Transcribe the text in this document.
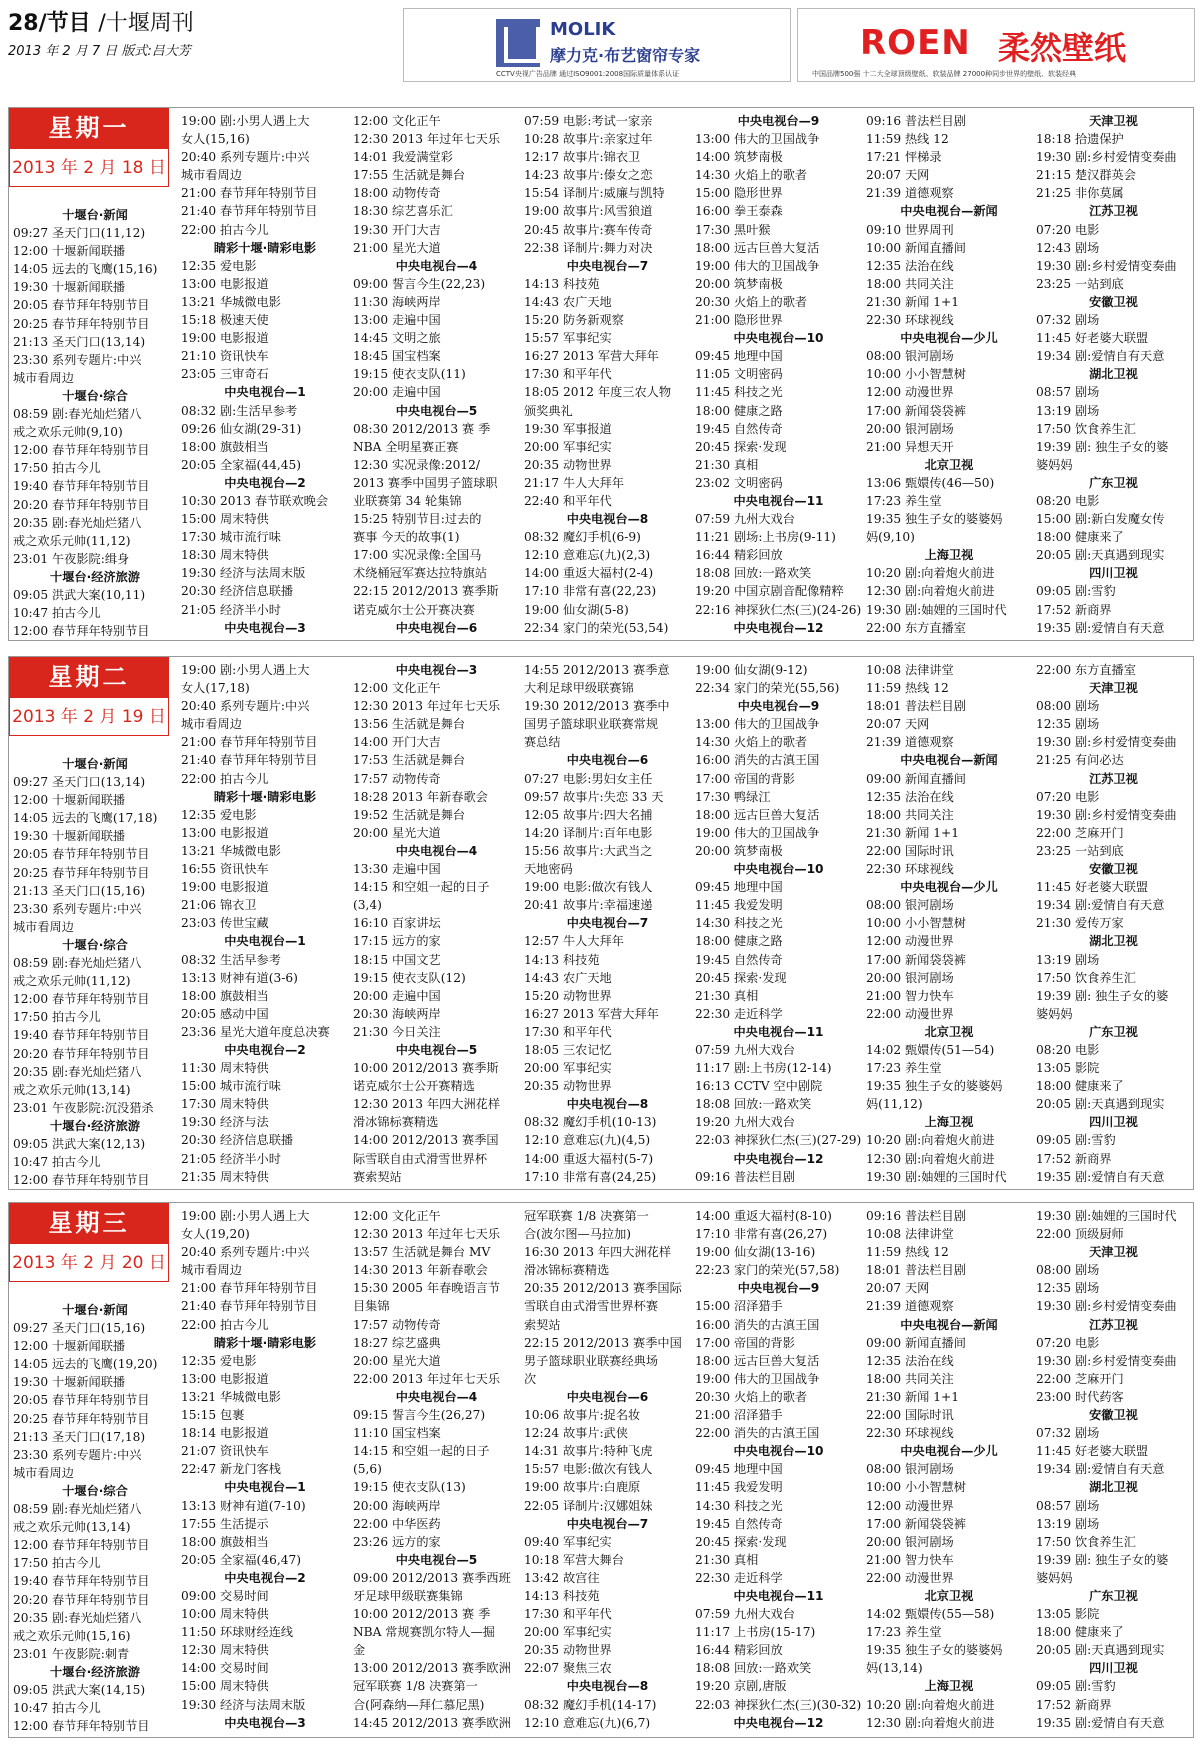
28/节目 /十堰周刊
2013 年 2 月 7 日 版式:吕大芳
MOLIK
摩力克·布艺窗帘专家
CCTV央视广告品牌 通过ISO9001:2008国际质量体系认证
ROEN 柔然壁纸
中国品牌500强 十二大全球顶级壁纸、软装品牌 27000种同步世界的壁纸、软装经典
星期一
2013 年 2 月 18 日
十堰台·新闻
09:27 圣天门口(11,12)
12:00 十堰新闻联播
14:05 远去的飞鹰(15,16)
19:30 十堰新闻联播
20:05 春节拜年特别节目
20:25 春节拜年特别节目
21:13 圣天门口(13,14)
23:30 系列专题片:中兴
城市看周边
十堰台·综合
08:59 剧:春光灿烂猪八
戒之欢乐元帅(9,10)
12:00 春节拜年特别节目
17:50 拍古今儿
19:40 春节拜年特别节目
20:20 春节拜年特别节目
20:35 剧:春光灿烂猪八
戒之欢乐元帅(11,12)
23:01 午夜影院:缉身
十堰台·经济旅游
09:05 洪武大案(10,11)
10:47 拍古今儿
12:00 春节拜年特别节目
19:00 剧:小男人遇上大
女人(15,16)
20:40 系列专题片:中兴
城市看周边
21:00 春节拜年特别节目
21:40 春节拜年特别节目
22:00 拍古今儿
睛彩十堰·睛彩电影
12:35 爱电影
13:00 电影报道
13:21 华城微电影
15:18 极速天使
19:00 电影报道
21:10 资讯快车
23:05 三审奇石
中央电视台—1
08:32 剧:生活早参考
09:26 仙女湖(29-31)
18:00 旗鼓相当
20:05 全家福(44,45)
中央电视台—2
10:30 2013 春节联欢晚会
15:00 周末特供
17:30 城市流行味
18:30 周末特供
19:30 经济与法周末版
20:30 经济信息联播
21:05 经济半小时
中央电视台—3
12:00 文化正午
12:30 2013 年过年七天乐
14:01 我爱满堂彩
17:55 生活就是舞台
18:00 动物传奇
18:30 综艺喜乐汇
19:30 开门大吉
21:00 星光大道
中央电视台—4
09:00 誓言今生(22,23)
11:30 海峡两岸
13:00 走遍中国
14:45 文明之旅
18:45 国宝档案
19:15 使衣支队(11)
20:00 走遍中国
中央电视台—5
08:30 2012/2013 赛 季
NBA 全明星赛正赛
12:30 实况录像:2012/
2013 赛季中国男子篮球职
业联赛第 34 轮集锦
15:25 特别节目:过去的
赛事 今天的故事(1)
17:00 实况录像:全国马
术绕桶冠军赛达拉特旗站
22:15 2012/2013 赛季斯
诺克威尔士公开赛决赛
中央电视台—6
07:59 电影:考试一家亲
10:28 故事片:亲家过年
12:17 故事片:锦衣卫
14:23 故事片:傣女之恋
15:54 译制片:威廉与凯特
19:00 故事片:风雪狼道
20:45 故事片:赛车传奇
22:38 译制片:舞力对决
中央电视台—7
14:13 科技苑
14:43 农广天地
15:20 防务新观察
15:57 军事纪实
16:27 2013 军营大拜年
17:30 和平年代
18:05 2012 年度三农人物
颁奖典礼
19:30 军事报道
20:00 军事纪实
20:35 动物世界
21:17 牛人大拜年
22:40 和平年代
中央电视台—8
08:32 魔幻手机(6-9)
12:10 意难忘(九)(2,3)
14:00 重返大福村(2-4)
17:10 非常有喜(22,23)
19:00 仙女湖(5-8)
22:34 家门的荣光(53,54)
中央电视台—9
13:00 伟大的卫国战争
14:00 筑梦南极
14:30 火焰上的歌者
15:00 隐形世界
16:00 拳王泰森
17:30 黑叶猴
18:00 远古巨兽大复活
19:00 伟大的卫国战争
20:00 筑梦南极
20:30 火焰上的歌者
21:00 隐形世界
中央电视台—10
09:45 地理中国
11:05 文明密码
11:45 科技之光
18:00 健康之路
19:45 自然传奇
20:45 探索·发现
21:30 真相
23:02 文明密码
中央电视台—11
07:59 九州大戏台
11:21 剧场:上书房(9-11)
16:44 精彩回放
18:08 回放:一路欢笑
19:20 中国京剧音配像精粹
22:16 神探狄仁杰(三)(24-26)
中央电视台—12
09:16 普法栏目剧
11:59 热线 12
17:21 怦梯录
20:07 天网
21:39 道德观察
中央电视台—新闻
09:10 世界周刊
10:00 新闻直播间
12:35 法治在线
18:00 共同关注
21:30 新闻 1+1
22:30 环球视线
中央电视台—少儿
08:00 银河剧场
10:00 小小智慧树
12:00 动漫世界
17:00 新闻袋袋裤
20:00 银河剧场
21:00 异想天开
北京卫视
13:06 甄嬛传(46—50)
17:23 养生堂
19:35 独生子女的婆婆妈
妈(9,10)
上海卫视
10:20 剧:向着炮火前进
12:30 剧:向着炮火前进
19:30 剧:妯娌的三国时代
22:00 东方直播室
天津卫视
18:18 拾遗保护
19:30 剧:乡村爱情变奏曲
21:15 楚汉群英会
21:25 非你莫属
江苏卫视
07:20 电影
12:43 剧场
19:30 剧:乡村爱情变奏曲
23:25 一站到底
安徽卫视
07:32 剧场
11:45 好老婆大联盟
19:34 剧:爱情自有天意
湖北卫视
08:57 剧场
13:19 剧场
17:50 饮食养生汇
19:39 剧: 独生子女的婆
婆妈妈
广东卫视
08:20 电影
15:00 剧:新白发魔女传
18:00 健康来了
20:05 剧:天真遇到现实
四川卫视
09:05 剧:雪豹
17:52 新商界
19:35 剧:爱情自有天意
星期二
2013 年 2 月 19 日
十堰台·新闻
09:27 圣天门口(13,14)
12:00 十堰新闻联播
14:05 远去的飞鹰(17,18)
19:30 十堰新闻联播
20:05 春节拜年特别节目
20:25 春节拜年特别节目
21:13 圣天门口(15,16)
23:30 系列专题片:中兴
城市看周边
十堰台·综合
08:59 剧:春光灿烂猪八
戒之欢乐元帅(11,12)
12:00 春节拜年特别节目
17:50 拍古今儿
19:40 春节拜年特别节目
20:20 春节拜年特别节目
20:35 剧:春光灿烂猪八
戒之欢乐元帅(13,14)
23:01 午夜影院:沉没猎杀
十堰台·经济旅游
09:05 洪武大案(12,13)
10:47 拍古今儿
12:00 春节拜年特别节目
19:00 剧:小男人遇上大
女人(17,18)
20:40 系列专题片:中兴
城市看周边
21:00 春节拜年特别节目
21:40 春节拜年特别节目
22:00 拍古今儿
睛彩十堰·睛彩电影
12:35 爱电影
13:00 电影报道
13:21 华城微电影
16:55 资讯快车
19:00 电影报道
21:06 锦衣卫
23:03 传世宝藏
中央电视台—1
08:32 生活早参考
13:13 财神有道(3-6)
18:00 旗鼓相当
20:05 感动中国
23:36 星光大道年度总决赛
中央电视台—2
11:30 周末特供
15:00 城市流行味
17:30 周末特供
19:30 经济与法
20:30 经济信息联播
21:05 经济半小时
21:35 周末特供
中央电视台—3
12:00 文化正午
12:30 2013 年过年七天乐
13:56 生活就是舞台
14:00 开门大吉
17:53 生活就是舞台
17:57 动物传奇
18:28 2013 年新春歌会
19:52 生活就是舞台
20:00 星光大道
中央电视台—4
13:30 走遍中国
14:15 和空姐一起的日子
(3,4)
16:10 百家讲坛
17:15 远方的家
18:15 中国文艺
19:15 使衣支队(12)
20:00 走遍中国
20:30 海峡两岸
21:30 今日关注
中央电视台—5
10:00 2012/2013 赛季斯
诺克威尔士公开赛精选
12:30 2013 年四大洲花样
滑冰锦标赛精选
14:00 2012/2013 赛季国
际雪联自由式滑雪世界杯
赛索契站
14:55 2012/2013 赛季意
大利足球甲级联赛锦
19:30 2012/2013 赛季中
国男子篮球职业联赛常规
赛总结
中央电视台—6
07:27 电影:男妇女主任
09:57 故事片:失恋 33 天
12:05 故事片:四大名捕
14:20 译制片:百年电影
15:56 故事片:大武当之
天地密码
19:00 电影:做次有钱人
20:41 故事片:幸福速递
中央电视台—7
12:57 牛人大拜年
14:13 科技苑
14:43 农广天地
15:20 动物世界
16:27 2013 军营大拜年
17:30 和平年代
18:05 三农记忆
20:00 军事纪实
20:35 动物世界
中央电视台—8
08:32 魔幻手机(10-13)
12:10 意难忘(九)(4,5)
14:00 重返大福村(5-7)
17:10 非常有喜(24,25)
19:00 仙女湖(9-12)
22:34 家门的荣光(55,56)
中央电视台—9
13:00 伟大的卫国战争
14:30 火焰上的歌者
16:00 消失的古滇王国
17:00 帝国的背影
17:30 鸭绿江
18:00 远古巨兽大复活
19:00 伟大的卫国战争
20:00 筑梦南极
中央电视台—10
09:45 地理中国
11:45 我爱发明
14:30 科技之光
18:00 健康之路
19:45 自然传奇
20:45 探索·发现
21:30 真相
22:30 走近科学
中央电视台—11
07:59 九州大戏台
11:17 剧:上书房(12-14)
16:13 CCTV 空中剧院
18:08 回放:一路欢笑
19:20 九州大戏台
22:03 神探狄仁杰(三)(27-29)
中央电视台—12
09:16 普法栏目剧
10:08 法律讲堂
11:59 热线 12
18:01 普法栏目剧
20:07 天网
21:39 道德观察
中央电视台—新闻
09:00 新闻直播间
12:35 法治在线
18:00 共同关注
21:30 新闻 1+1
22:00 国际时讯
22:30 环球视线
中央电视台—少儿
08:00 银河剧场
10:00 小小智慧树
12:00 动漫世界
17:00 新闻袋袋裤
20:00 银河剧场
21:00 智力快车
22:00 动漫世界
北京卫视
14:02 甄嬛传(51—54)
17:23 养生堂
19:35 独生子女的婆婆妈
妈(11,12)
上海卫视
10:20 剧:向着炮火前进
12:30 剧:向着炮火前进
19:30 剧:妯娌的三国时代
22:00 东方直播室
天津卫视
08:00 剧场
12:35 剧场
19:30 剧:乡村爱情变奏曲
21:25 有问必达
江苏卫视
07:20 电影
19:30 剧:乡村爱情变奏曲
22:00 芝麻开门
23:25 一站到底
安徽卫视
11:45 好老婆大联盟
19:34 剧:爱情自有天意
21:30 爱传万家
湖北卫视
13:19 剧场
17:50 饮食养生汇
19:39 剧: 独生子女的婆
婆妈妈
广东卫视
08:20 电影
13:05 影院
18:00 健康来了
20:05 剧:天真遇到现实
四川卫视
09:05 剧:雪豹
17:52 新商界
19:35 剧:爱情自有天意
星期三
2013 年 2 月 20 日
十堰台·新闻
09:27 圣天门口(15,16)
12:00 十堰新闻联播
14:05 远去的飞鹰(19,20)
19:30 十堰新闻联播
20:05 春节拜年特别节目
20:25 春节拜年特别节目
21:13 圣天门口(17,18)
23:30 系列专题片:中兴
城市看周边
十堰台·综合
08:59 剧:春光灿烂猪八
戒之欢乐元帅(13,14)
12:00 春节拜年特别节目
17:50 拍古今儿
19:40 春节拜年特别节目
20:20 春节拜年特别节目
20:35 剧:春光灿烂猪八
戒之欢乐元帅(15,16)
23:01 午夜影院:刺青
十堰台·经济旅游
09:05 洪武大案(14,15)
10:47 拍古今儿
12:00 春节拜年特别节目
19:00 剧:小男人遇上大
女人(19,20)
20:40 系列专题片:中兴
城市看周边
21:00 春节拜年特别节目
21:40 春节拜年特别节目
22:00 拍古今儿
睛彩十堰·睛彩电影
12:35 爱电影
13:00 电影报道
13:21 华城微电影
15:15 包裹
18:14 电影报道
21:07 资讯快车
22:47 新龙门客栈
中央电视台—1
13:13 财神有道(7-10)
17:55 生活提示
18:00 旗鼓相当
20:05 全家福(46,47)
中央电视台—2
09:00 交易时间
10:00 周末特供
11:50 环球财经连线
12:30 周末特供
14:00 交易时间
15:00 周末特供
19:30 经济与法周末版
中央电视台—3
12:00 文化正午
12:30 2013 年过年七天乐
13:57 生活就是舞台 MV
14:30 2013 年新春歌会
15:30 2005 年春晚语言节
目集锦
17:57 动物传奇
18:27 综艺盛典
20:00 星光大道
22:00 2013 年过年七天乐
中央电视台—4
09:15 誓言今生(26,27)
11:10 国宝档案
14:15 和空姐一起的日子
(5,6)
19:15 使衣支队(13)
20:00 海峡两岸
22:00 中华医药
23:26 远方的家
中央电视台—5
09:00 2012/2013 赛季西班
牙足球甲级联赛集锦
10:00 2012/2013 赛 季
NBA 常规赛凯尔特人—掘
金
13:00 2012/2013 赛季欧洲
冠军联赛 1/8 决赛第一
合(阿森纳—拜仁慕尼黑)
14:45 2012/2013 赛季欧洲
冠军联赛 1/8 决赛第一
合(波尔图—马拉加)
16:30 2013 年四大洲花样
滑冰锦标赛精选
20:35 2012/2013 赛季国际
雪联自由式滑雪世界杯赛
索契站
22:15 2012/2013 赛季中国
男子篮球职业联赛经典场
次
中央电视台—6
10:06 故事片:捉名妆
12:24 故事片:武侠
14:31 故事片:特种飞虎
15:57 电影:做次有钱人
19:00 故事片:白鹿原
22:05 译制片:汉娜姐妹
中央电视台—7
09:40 军事纪实
10:18 军营大舞台
13:42 故宫往
14:13 科技苑
17:30 和平年代
20:00 军事纪实
20:35 动物世界
22:07 聚焦三农
中央电视台—8
08:32 魔幻手机(14-17)
12:10 意难忘(九)(6,7)
14:00 重返大福村(8-10)
17:10 非常有喜(26,27)
19:00 仙女湖(13-16)
22:23 家门的荣光(57,58)
中央电视台—9
15:00 沼泽猎手
16:00 消失的古滇王国
17:00 帝国的背影
18:00 远古巨兽大复活
19:00 伟大的卫国战争
20:30 火焰上的歌者
21:00 沼泽猎手
22:00 消失的古滇王国
中央电视台—10
09:45 地理中国
11:45 我爱发明
14:30 科技之光
19:45 自然传奇
20:45 探索·发现
21:30 真相
22:30 走近科学
中央电视台—11
07:59 九州大戏台
11:17 上书房(15-17)
16:44 精彩回放
18:08 回放:一路欢笑
19:20 京剧,唐版
22:03 神探狄仁杰(三)(30-32)
中央电视台—12
09:16 普法栏目剧
10:08 法律讲堂
11:59 热线 12
18:01 普法栏目剧
20:07 天网
21:39 道德观察
中央电视台—新闻
09:00 新闻直播间
12:35 法治在线
18:00 共同关注
21:30 新闻 1+1
22:00 国际时讯
22:30 环球视线
中央电视台—少儿
08:00 银河剧场
10:00 小小智慧树
12:00 动漫世界
17:00 新闻袋袋裤
20:00 银河剧场
21:00 智力快车
22:00 动漫世界
北京卫视
14:02 甄嬛传(55—58)
17:23 养生堂
19:35 独生子女的婆婆妈
妈(13,14)
上海卫视
10:20 剧:向着炮火前进
12:30 剧:向着炮火前进
19:30 剧:妯娌的三国时代
22:00 顶级厨师
天津卫视
08:00 剧场
12:35 剧场
19:30 剧:乡村爱情变奏曲
江苏卫视
07:20 电影
19:30 剧:乡村爱情变奏曲
22:00 芝麻开门
23:00 时代药客
安徽卫视
07:32 剧场
11:45 好老婆大联盟
19:34 剧:爱情自有天意
湖北卫视
08:57 剧场
13:19 剧场
17:50 饮食养生汇
19:39 剧: 独生子女的婆
婆妈妈
广东卫视
13:05 影院
18:00 健康来了
20:05 剧:天真遇到现实
四川卫视
09:05 剧:雪豹
17:52 新商界
19:35 剧:爱情自有天意
